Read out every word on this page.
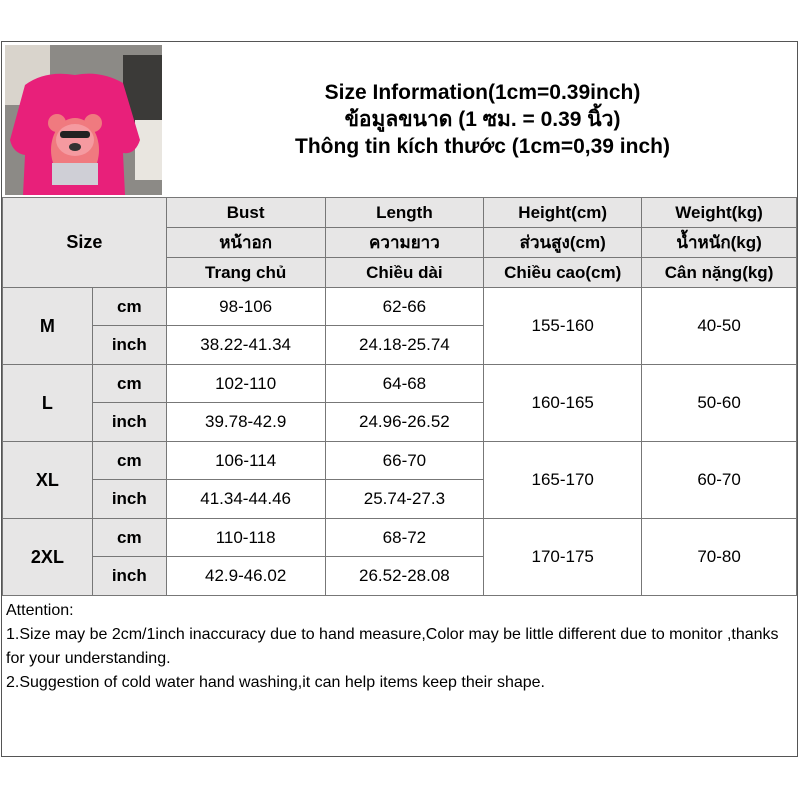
Size Information(1cm=0.39inch)
ข้อมูลขนาด (1 ซม. = 0.39 นิ้ว)
Thông tin kích thước (1cm=0,39 inch)
Size		Bust	Length	Height(cm)	Weight(kg)
		หน้าอก	ความยาว	ส่วนสูง(cm)	น้ำหนัก(kg)
		Trang chủ	Chiều dài	Chiều cao(cm)	Cân nặng(kg)
M	cm	98-106	62-66	155-160	40-50
	inch	38.22-41.34	24.18-25.74		
L	cm	102-110	64-68	160-165	50-60
	inch	39.78-42.9	24.96-26.52		
XL	cm	106-114	66-70	165-170	60-70
	inch	41.34-44.46	25.74-27.3		
2XL	cm	110-118	68-72	170-175	70-80
	inch	42.9-46.02	26.52-28.08		
Attention:
1.Size may be 2cm/1inch inaccuracy due to hand measure,Color may be little different due to monitor ,thanks for your understanding.
2.Suggestion of cold water hand washing,it can help items keep their shape.
